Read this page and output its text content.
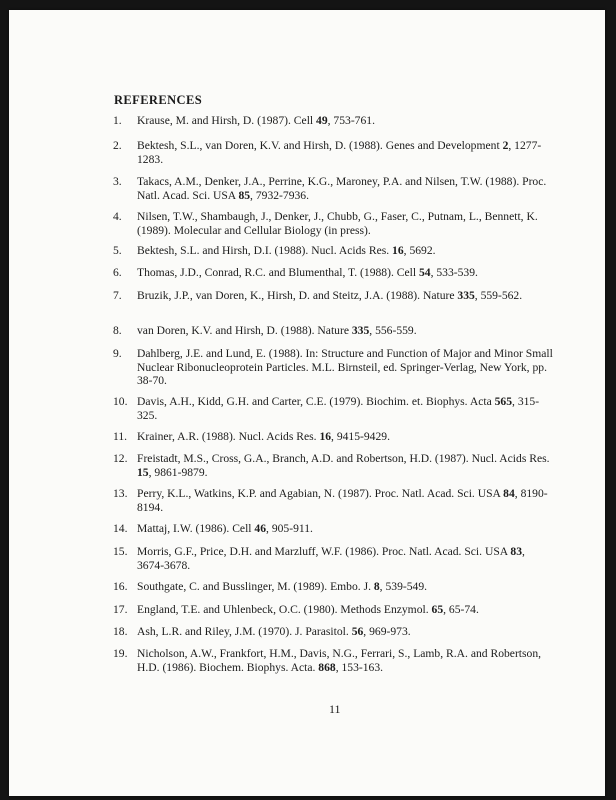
REFERENCES
1. Krause, M. and Hirsh, D. (1987). Cell 49, 753-761.
2. Bektesh, S.L., van Doren, K.V. and Hirsh, D. (1988). Genes and Development 2, 1277-1283.
3. Takacs, A.M., Denker, J.A., Perrine, K.G., Maroney, P.A. and Nilsen, T.W. (1988). Proc. Natl. Acad. Sci. USA 85, 7932-7936.
4. Nilsen, T.W., Shambaugh, J., Denker, J., Chubb, G., Faser, C., Putnam, L., Bennett, K. (1989). Molecular and Cellular Biology (in press).
5. Bektesh, S.L. and Hirsh, D.I. (1988). Nucl. Acids Res. 16, 5692.
6. Thomas, J.D., Conrad, R.C. and Blumenthal, T. (1988). Cell 54, 533-539.
7. Bruzik, J.P., van Doren, K., Hirsh, D. and Steitz, J.A. (1988). Nature 335, 559-562.
8. van Doren, K.V. and Hirsh, D. (1988). Nature 335, 556-559.
9. Dahlberg, J.E. and Lund, E. (1988). In: Structure and Function of Major and Minor Small Nuclear Ribonucleoprotein Particles. M.L. Birnsteil, ed. Springer-Verlag, New York, pp. 38-70.
10. Davis, A.H., Kidd, G.H. and Carter, C.E. (1979). Biochim. et. Biophys. Acta 565, 315-325.
11. Krainer, A.R. (1988). Nucl. Acids Res. 16, 9415-9429.
12. Freistadt, M.S., Cross, G.A., Branch, A.D. and Robertson, H.D. (1987). Nucl. Acids Res. 15, 9861-9879.
13. Perry, K.L., Watkins, K.P. and Agabian, N. (1987). Proc. Natl. Acad. Sci. USA 84, 8190-8194.
14. Mattaj, I.W. (1986). Cell 46, 905-911.
15. Morris, G.F., Price, D.H. and Marzluff, W.F. (1986). Proc. Natl. Acad. Sci. USA 83, 3674-3678.
16. Southgate, C. and Busslinger, M. (1989). Embo. J. 8, 539-549.
17. England, T.E. and Uhlenbeck, O.C. (1980). Methods Enzymol. 65, 65-74.
18. Ash, L.R. and Riley, J.M. (1970). J. Parasitol. 56, 969-973.
19. Nicholson, A.W., Frankfort, H.M., Davis, N.G., Ferrari, S., Lamb, R.A. and Robertson, H.D. (1986). Biochem. Biophys. Acta. 868, 153-163.
11
